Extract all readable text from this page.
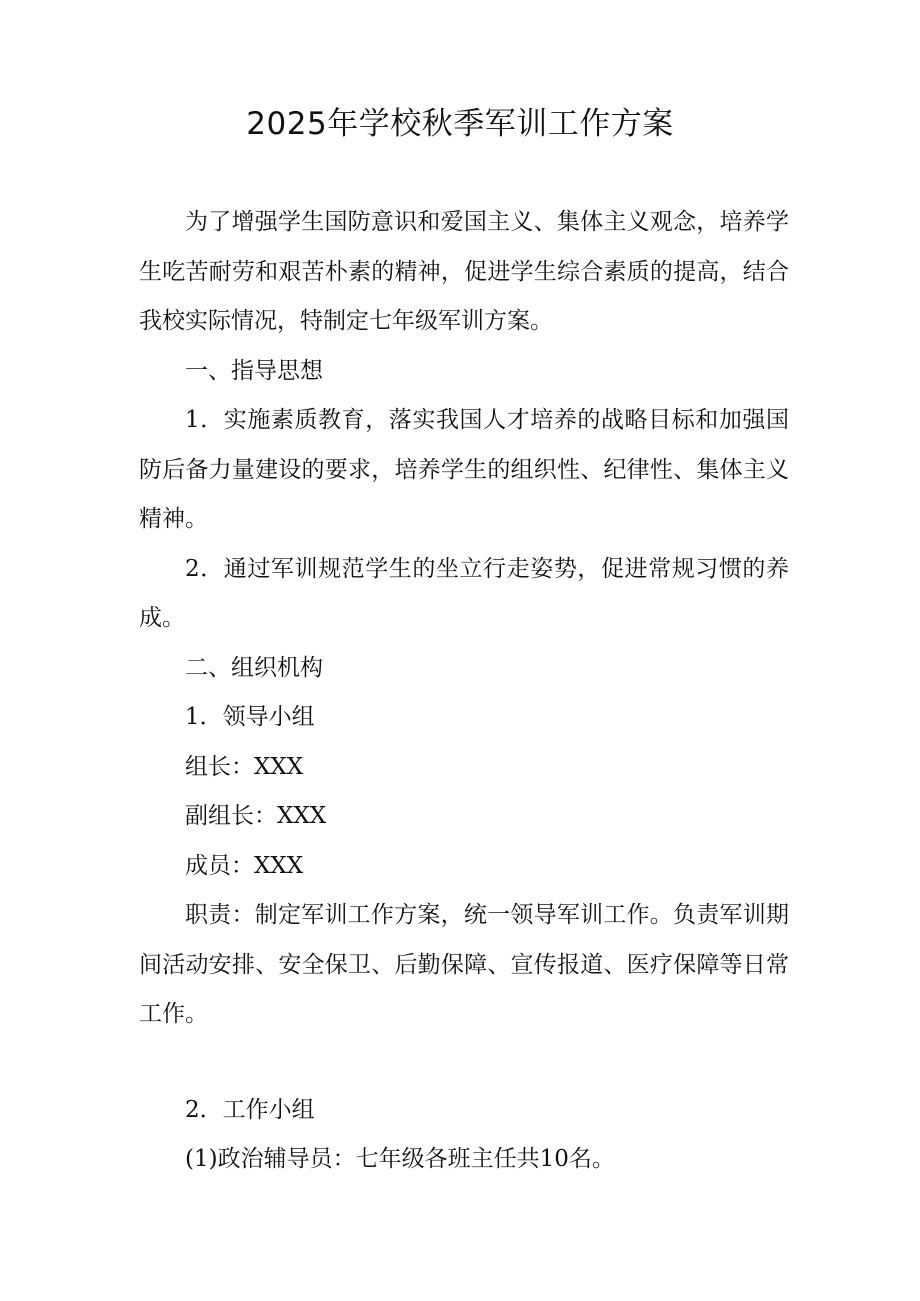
2025年学校秋季军训工作方案

为了增强学生国防意识和爱国主义、集体主义观念，培养学生吃苦耐劳和艰苦朴素的精神，促进学生综合素质的提高，结合我校实际情况，特制定七年级军训方案。

一、指导思想

1．实施素质教育，落实我国人才培养的战略目标和加强国防后备力量建设的要求，培养学生的组织性、纪律性、集体主义精神。

2．通过军训规范学生的坐立行走姿势，促进常规习惯的养成。

二、组织机构

1．领导小组

组长：XXX

副组长：XXX

成员：XXX

职责：制定军训工作方案，统一领导军训工作。负责军训期间活动安排、安全保卫、后勤保障、宣传报道、医疗保障等日常工作。

2．工作小组

(1)政治辅导员：七年级各班主任共10名。
